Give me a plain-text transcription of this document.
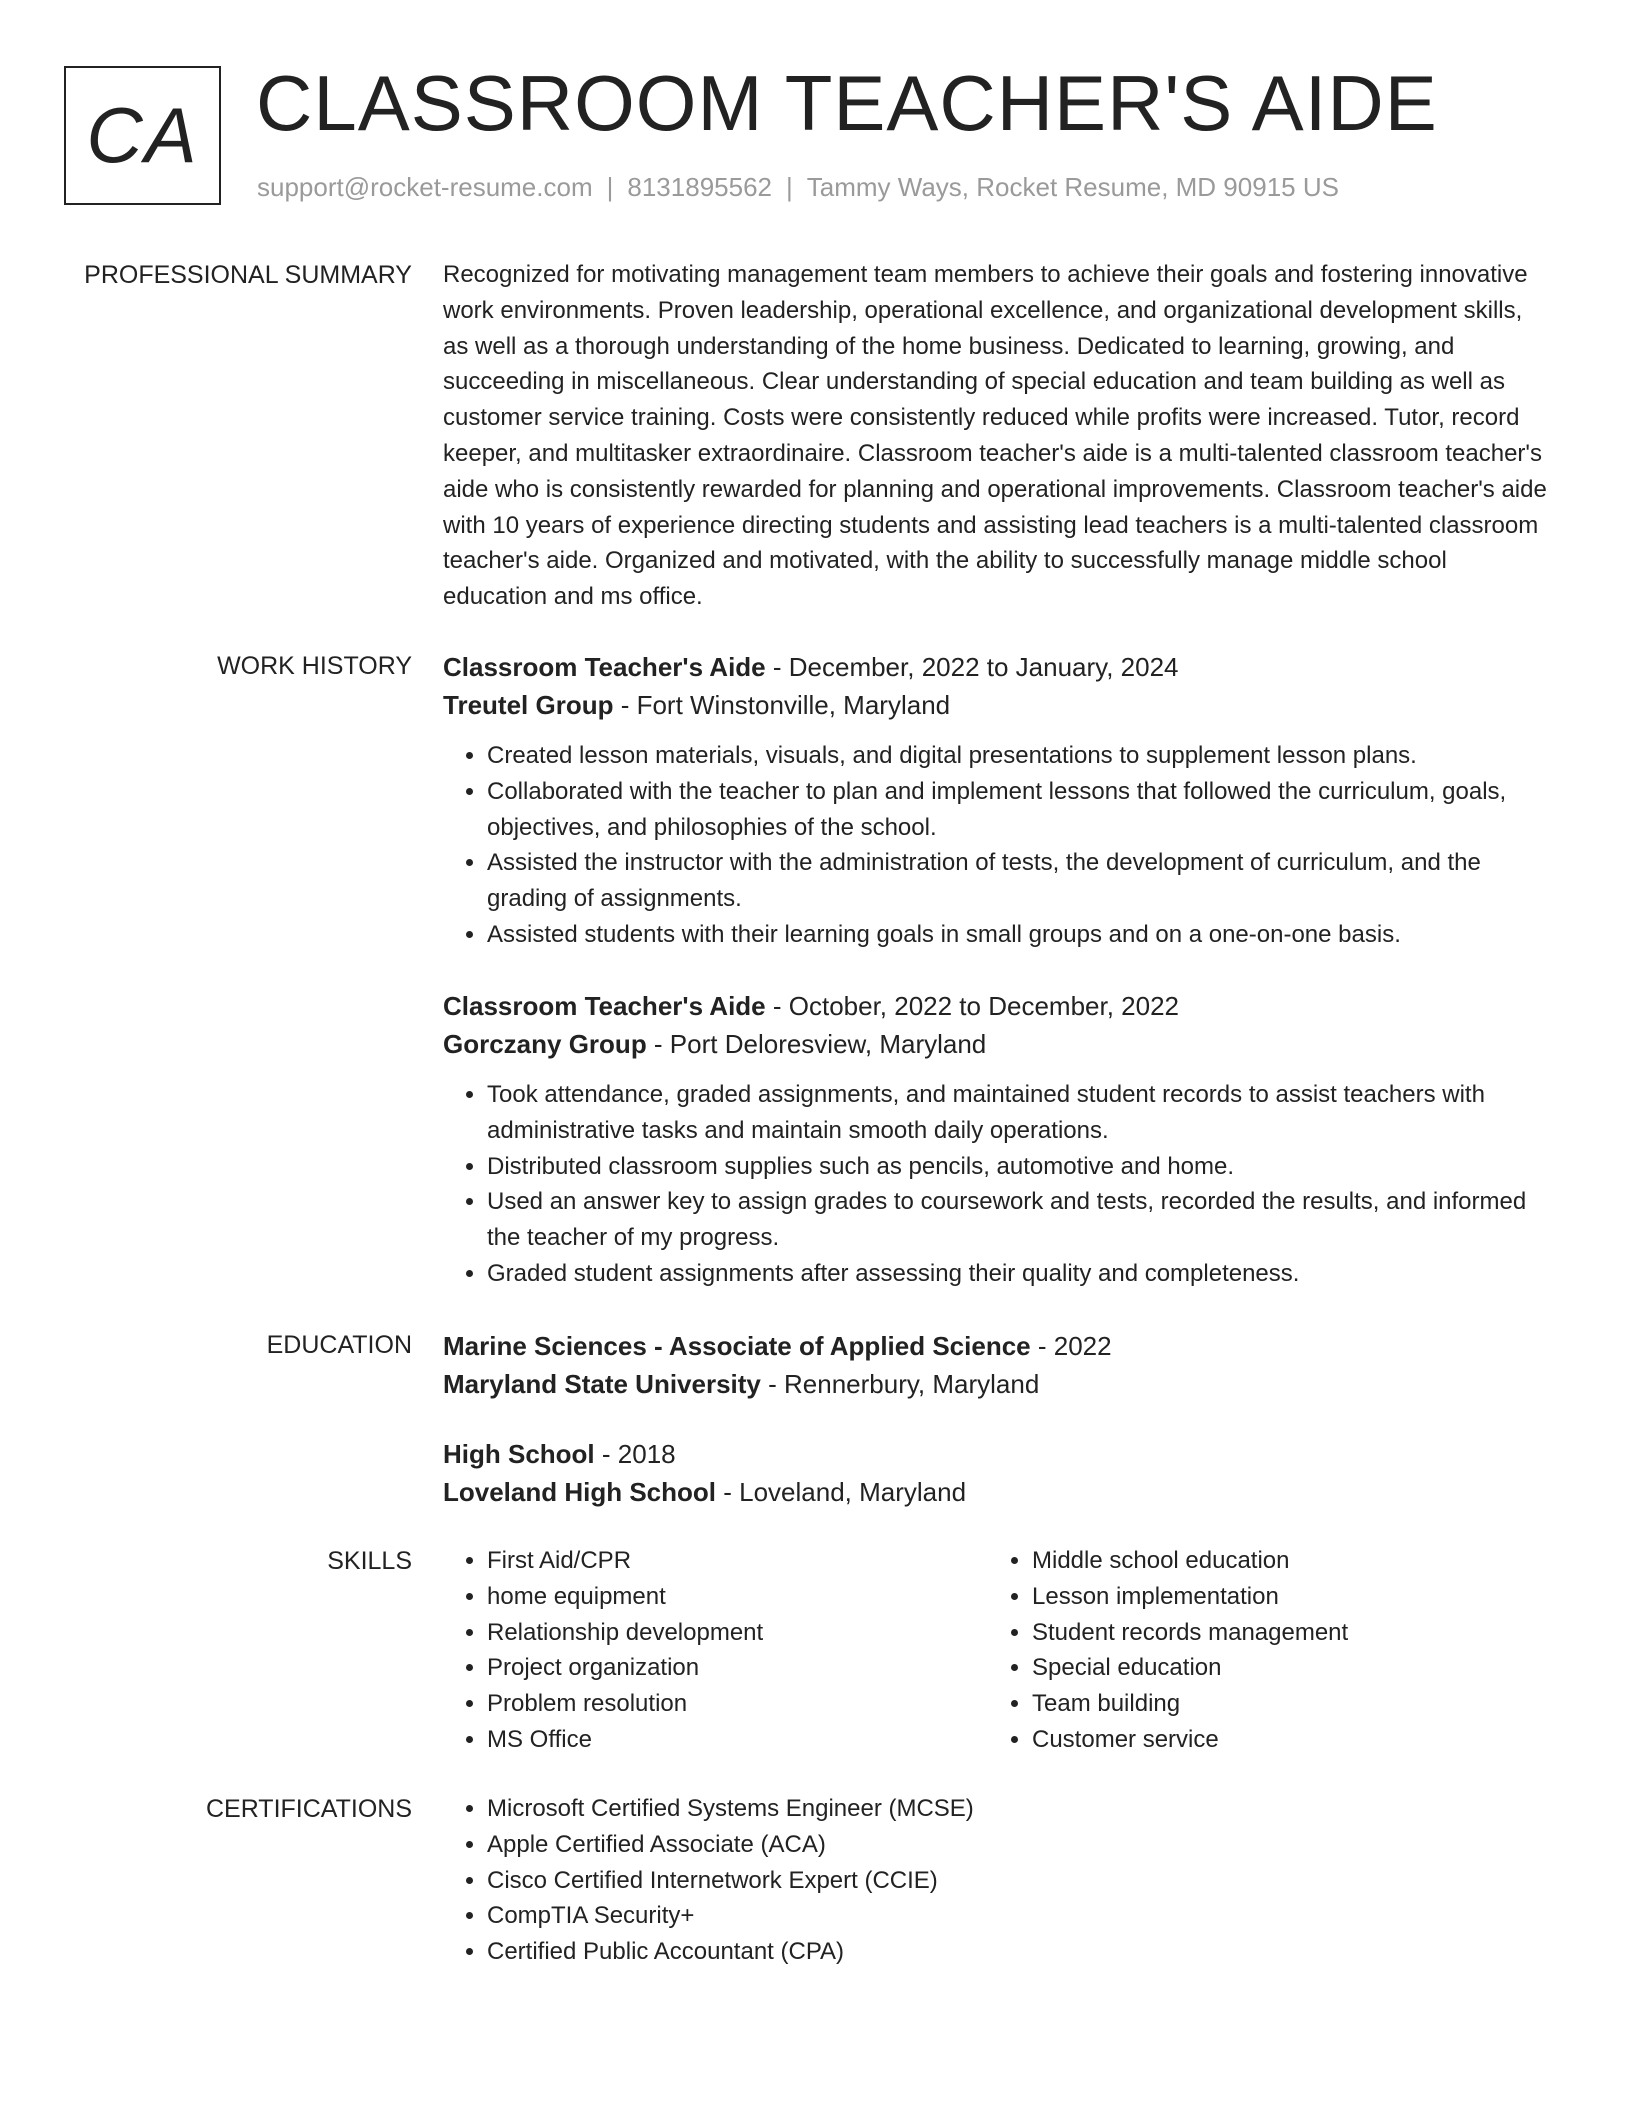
CA CLASSROOM TEACHER'S AIDE
support@rocket-resume.com | 8131895562 | Tammy Ways, Rocket Resume, MD 90915 US
PROFESSIONAL SUMMARY Recognized for motivating management team members to achieve their goals and fostering innovative work environments. Proven leadership, operational excellence, and organizational development skills, as well as a thorough understanding of the home business. Dedicated to learning, growing, and succeeding in miscellaneous. Clear understanding of special education and team building as well as customer service training. Costs were consistently reduced while profits were increased. Tutor, record keeper, and multitasker extraordinaire. Classroom teacher's aide is a multi-talented classroom teacher's aide who is consistently rewarded for planning and operational improvements. Classroom teacher's aide with 10 years of experience directing students and assisting lead teachers is a multi-talented classroom teacher's aide. Organized and motivated, with the ability to successfully manage middle school education and ms office.

WORK HISTORY Classroom Teacher's Aide - December, 2022 to January, 2024
Treutel Group - Fort Winstonville, Maryland
• Created lesson materials, visuals, and digital presentations to supplement lesson plans.
• Collaborated with the teacher to plan and implement lessons that followed the curriculum, goals, objectives, and philosophies of the school.
• Assisted the instructor with the administration of tests, the development of curriculum, and the grading of assignments.
• Assisted students with their learning goals in small groups and on a one-on-one basis.
Classroom Teacher's Aide - October, 2022 to December, 2022
Gorczany Group - Port Deloresview, Maryland
• Took attendance, graded assignments, and maintained student records to assist teachers with administrative tasks and maintain smooth daily operations.
• Distributed classroom supplies such as pencils, automotive and home.
• Used an answer key to assign grades to coursework and tests, recorded the results, and informed the teacher of my progress.
• Graded student assignments after assessing their quality and completeness.
EDUCATION Marine Sciences - Associate of Applied Science - 2022
Maryland State University - Rennerbury, Maryland
High School - 2018
Loveland High School - Loveland, Maryland
SKILLS	• First Aid/CPR
• home equipment
• Relationship development
• Project organization
• Problem resolution
• MS Office
• Middle school education
• Lesson implementation
• Student records management
• Special education
• Team building
• Customer service
CERTIFICATIONS	• Microsoft Certified Systems Engineer (MCSE)
• Apple Certified Associate (ACA)
• Cisco Certified Internetwork Expert (CCIE)
• CompTIA Security+
• Certified Public Accountant (CPA)
